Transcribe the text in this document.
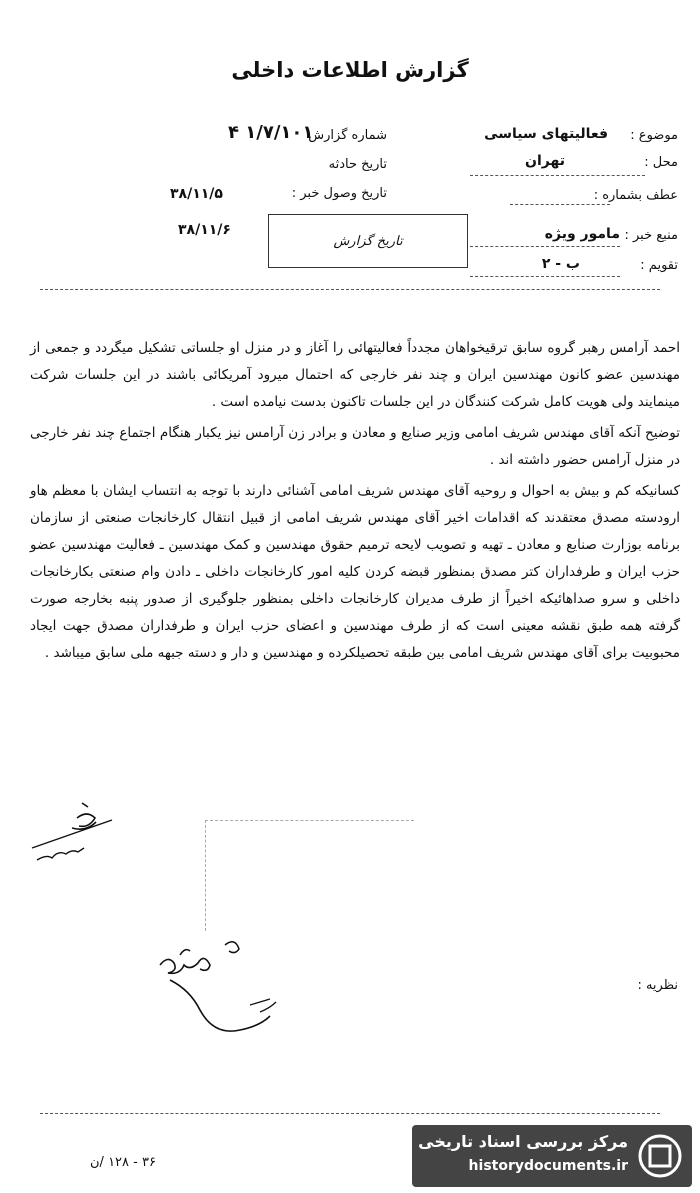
گزارش اطلاعات داخلی
موضوع :
فعالیتهای سیاسی
محل :
تهران
عطف بشماره :
منبع خبر :
مامور ویژه
تقویم :
ب - ۲
شماره گزارش
۱/۷/۱۰۱ ۴
تاریخ حادثه
تاریخ وصول خبر :
۳۸/۱۱/۵
تاریخ گزارش
۳۸/۱۱/۶

احمد آرامس رهبر گروه سابق ترقیخواهان مجدداً فعالیتهائی را آغاز و در منزل او جلساتی تشکیل میگردد و جمعی از مهندسین عضو کانون مهندسین ایران و چند نفر خارجی که احتمال میرود آمریکائی باشند در این جلسات شرکت مینمایند ولی هویت کامل شرکت کنندگان در این جلسات تاکنون بدست نیامده است .

توضیح آنکه آقای مهندس شریف امامی وزیر صنایع و معادن و برادر زن آرامس نیز یکبار هنگام اجتماع چند نفر خارجی در منزل آرامس حضور داشته اند .

کسانیکه کم و بیش به احوال و روحیه آقای مهندس شریف امامی آشنائی دارند با توجه به انتساب ایشان با معظم هاو ارودسته مصدق معتقدند که اقدامات اخیر آقای مهندس شریف امامی از قبیل انتقال کارخانجات صنعتی از سازمان برنامه بوزارت صنایع و معادن ـ تهیه و تصویب لایحه ترمیم حقوق مهندسین و کمک مهندسین ـ فعالیت مهندسین عضو حزب ایران و طرفداران کتر مصدق بمنظور قبضه کردن کلیه امور کارخانجات داخلی ـ دادن وام صنعتی بکارخانجات داخلی و سرو صداهائیکه اخیراً از طرف مدیران کارخانجات داخلی بمنظور جلوگیری از صدور پنبه بخارجه صورت گرفته همه طبق نقشه معینی است که از طرف مهندسین و اعضای حزب ایران و طرفداران مصدق جهت ایجاد محبوبیت برای آقای مهندس شریف امامی بین طبقه تحصیلکرده و مهندسین و دار و دسته جبهه ملی سابق میباشد .

نظریه :
۳۶ - ۱۲۸ /ن
مرکز بررسی اسناد تاریخی
historydocuments.ir
